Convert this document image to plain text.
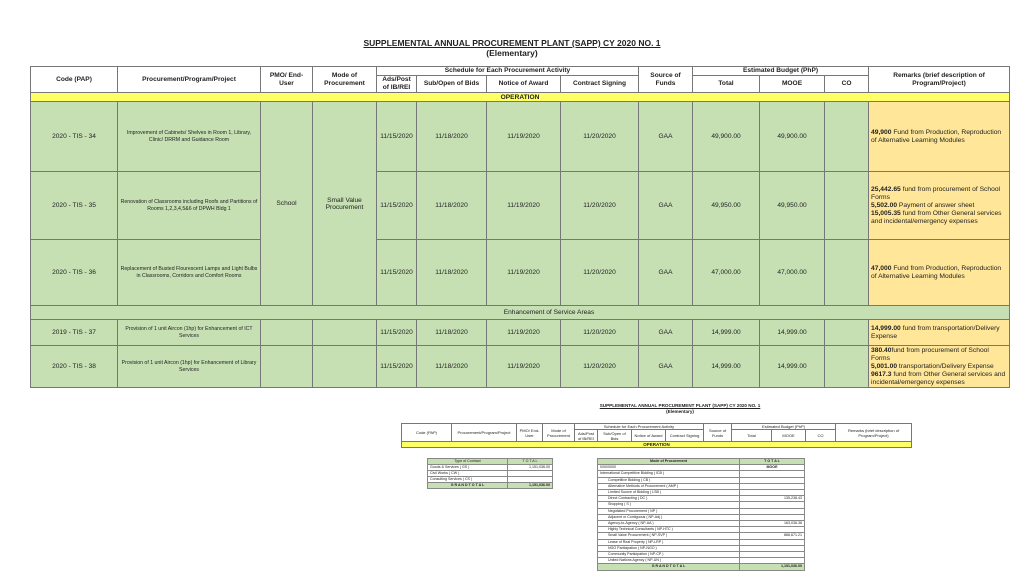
SUPPLEMENTAL ANNUAL PROCUREMENT PLANT (SAPP) CY 2020 NO. 1
(Elementary)
Code (PAP)	Procurement/Program/Project	PMO/ End-User	Mode of Procurement	Schedule for Each Procurement Activity				Source of Funds	Estimated Budget (PhP)			Remarks (brief description of Program/Project)
				Ads/Post of IB/REI	Sub/Open of Bids	Notice of Award	Contract Signing		Total	MOOE	CO	
OPERATION												
2020 - TIS - 34	Improvement of Cabinets/ Shelves in Room 1, Library, Clinic/ DRRM and Guidance Room	School	Small Value Procurement	11/15/2020	11/18/2020	11/19/2020	11/20/2020	GAA	49,900.00	49,900.00		49,900 Fund from Production, Reproduction of Alternative Learning Modules

2020 - TIS - 35	Renovation of Classrooms including Roofs and Partitions of Rooms 1,2,3,4,5&6 of DPWH Bldg 1			11/15/2020	11/18/2020	11/19/2020	11/20/2020	GAA	49,950.00	49,950.00		25,442.65 fund from procurement of School Forms
5,502.00 Payment of answer sheet
15,005.35 fund from Other General services and incidental/emergency expenses

2020 - TIS - 36	Replacement of Busted Flourescent Lamps and Light Bulbs in Classrooms, Corridors and Comfort Rooms			11/15/2020	11/18/2020	11/19/2020	11/20/2020	GAA	47,000.00	47,000.00		47,000 Fund from Production, Reproduction of Alternative Learning Modules

Enhancement of Service Areas												
2019 - TIS - 37	Provision of 1 unit Aircon (1hp) for Enhancement of ICT Services			11/15/2020	11/18/2020	11/19/2020	11/20/2020	GAA	14,999.00	14,999.00		14,999.00 fund from transportation/Delivery Expense

2020 - TIS - 38	Provision of 1 unit Aircon (1hp) for Enhancement of Library Services			11/15/2020	11/18/2020	11/19/2020	11/20/2020	GAA	14,999.00	14,999.00		380.40fund from procurement of School Forms
5,001.00 transportation/Delivery Expense
9617.3 fund from Other General services and incidental/emergency expenses
SUPPLEMENTAL ANNUAL PROCUREMENT PLANT (SAPP) CY 2020 NO. 1
(Elementary)
Code (PAP)	Procurement/Program/Project	PMO/ End-User	Mode of Procurement	Schedule for Each Procurement Activity				Source of Funds	Estimated Budget (PhP)			Remarks (brief description of Program/Project)
				Ads/Post of IB/REI	Sub/Open of Bids	Notice of Award	Contract Signing		Total	MOOE	CO	
OPERATION												
Type of Contract	T O T A L
Goods & Services ( GS )	1,151,036.00
Civil Works ( CW )	
Consulting Services ( CS )	
G R A N D T O T A L	1,151,036.00
Mode of Procurement	T O T A L
0/00/0000	MOOE
International Competitive Bidding ( ICB )	
Competitive Bidding ( CB )	
Alternative Methods of Procurement ( AMP )	
Limited Source of Bidding ( LSB )	
Direct Contracting ( DC )	135,238.43
Shopping ( S )	
Negotiated Procurement ( NP )	
Adjacent or Contiguous ( NP-Adj )	
Agency-to-Agency ( NP-AA )	163,036.36
Highly Technical Consultants ( NP-HTC )	
Small Value Procurement ( NP-SVP )	866,671.21
Lease of Real Property ( NP-LRP )	
NGO Participation ( NP-NGO )	
Community Participation ( NP-CP )	
United Nations Agency ( NP-UN )	
G R A N D T O T A L	1,151,036.00
